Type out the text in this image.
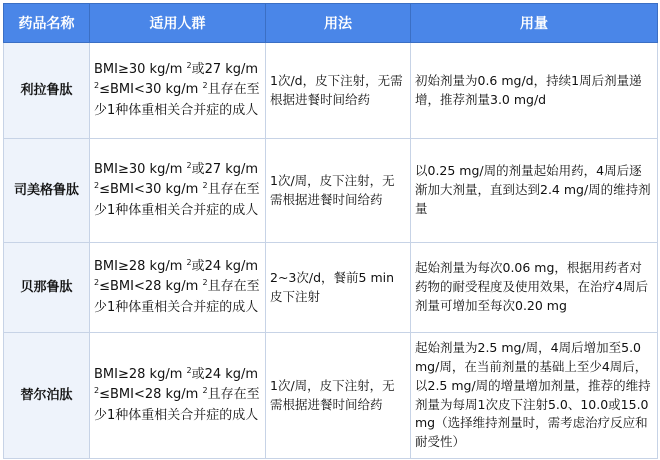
药品名称	适用人群	用法	用量
利拉鲁肽	BMI≥30 kg/m $^2$或27 kg/m $^2$≤BMI<30 kg/m $^2$且存在至少1种体重相关合并症的成人	1次/d，皮下注射，无需根据进餐时间给药	初始剂量为0.6 mg/d，持续1周后剂量递增，推荐剂量3.0 mg/d
司美格鲁肽	BMI≥30 kg/m $^2$或27 kg/m $^2$≤BMI<30 kg/m $^2$且存在至少1种体重相关合并症的成人	1次/周，皮下注射，无需根据进餐时间给药	以0.25 mg/周的剂量起始用药，4周后逐渐加大剂量，直到达到2.4 mg/周的维持剂量
贝那鲁肽	BMI≥28 kg/m $^2$或24 kg/m $^2$≤BMI<28 kg/m $^2$且存在至少1种体重相关合并症的成人	2~3次/d，餐前5 min皮下注射	起始剂量为每次0.06 mg，根据用药者对药物的耐受程度及使用效果，在治疗4周后剂量可增加至每次0.20 mg
替尔泊肽	BMI≥28 kg/m $^2$或24 kg/m $^2$≤BMI<28 kg/m $^2$且存在至少1种体重相关合并症的成人	1次/周，皮下注射，无需根据进餐时间给药	起始剂量为2.5 mg/周，4周后增加至5.0 mg/周，在当前剂量的基础上至少4周后，以2.5 mg/周的增量增加剂量，推荐的维持剂量为每周1次皮下注射5.0、10.0或15.0 mg（选择维持剂量时，需考虑治疗反应和耐受性）
